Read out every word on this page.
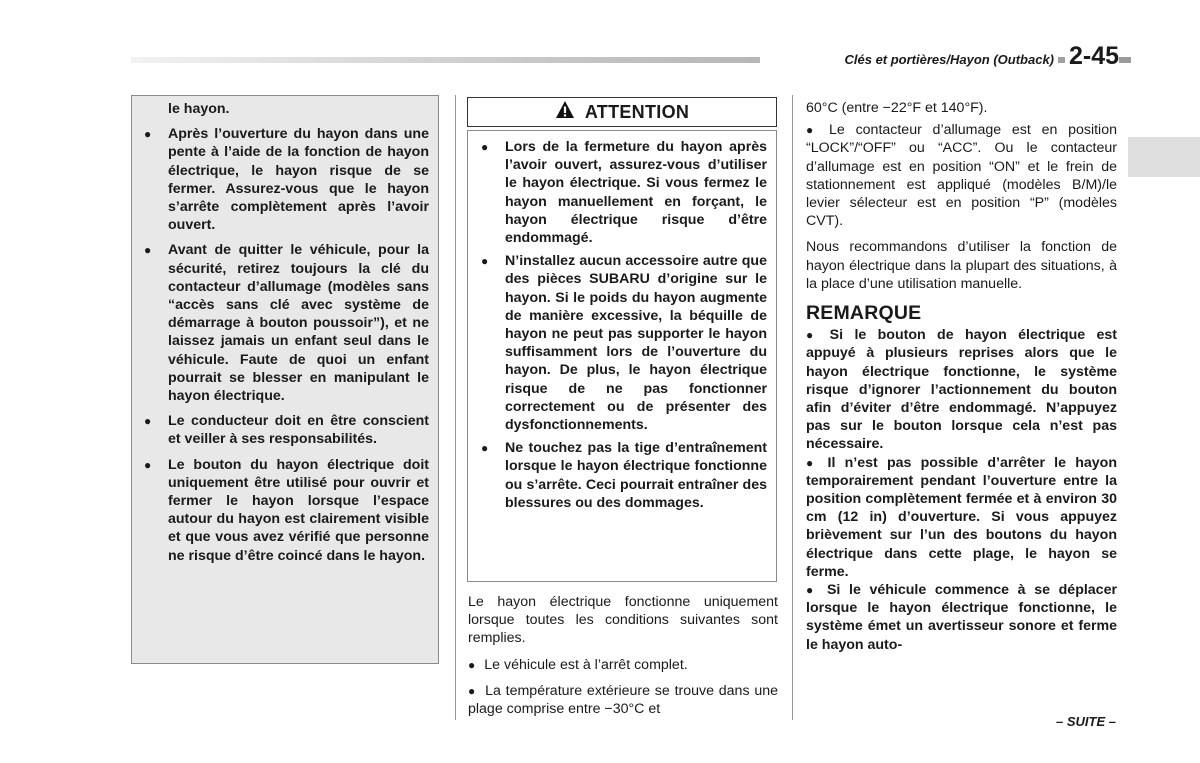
Clés et portières/Hayon (Outback) 2-45

le hayon.

● Après l’ouverture du hayon dans une pente à l’aide de la fonction de hayon électrique, le hayon risque de se fermer. Assurez-vous que le hayon s’arrête complètement après l’avoir ouvert.
● Avant de quitter le véhicule, pour la sécurité, retirez toujours la clé du contacteur d’allumage (modèles sans “accès sans clé avec système de démarrage à bouton poussoir”), et ne laissez jamais un enfant seul dans le véhicule. Faute de quoi un enfant pourrait se blesser en manipulant le hayon électrique.
● Le conducteur doit en être conscient et veiller à ses responsabilités.
● Le bouton du hayon électrique doit uniquement être utilisé pour ouvrir et fermer le hayon lorsque l’espace autour du hayon est clairement visible et que vous avez vérifié que personne ne risque d’être coincé dans le hayon.
ATTENTION
● Lors de la fermeture du hayon après l’avoir ouvert, assurez-vous d’utiliser le hayon électrique. Si vous fermez le hayon manuellement en forçant, le hayon électrique risque d’être endommagé.
● N’installez aucun accessoire autre que des pièces SUBARU d’origine sur le hayon. Si le poids du hayon augmente de manière excessive, la béquille de hayon ne peut pas supporter le hayon suffisamment lors de l’ouverture du hayon. De plus, le hayon électrique risque de ne pas fonctionner correctement ou de présenter des dysfonctionnements.
● Ne touchez pas la tige d’entraînement lorsque le hayon électrique fonctionne ou s’arrête. Ceci pourrait entraîner des blessures ou des dommages.

Le hayon électrique fonctionne uniquement lorsque toutes les conditions suivantes sont remplies.

● Le véhicule est à l’arrêt complet.

● La température extérieure se trouve dans une plage comprise entre −30°C et

60°C (entre −22°F et 140°F).

● Le contacteur d’allumage est en position “LOCK”/“OFF” ou “ACC”. Ou le contacteur d’allumage est en position “ON” et le frein de stationnement est appliqué (modèles B/M)/le levier sélecteur est en position “P” (modèles CVT).

Nous recommandons d’utiliser la fonction de hayon électrique dans la plupart des situations, à la place d’une utilisation manuelle.

REMARQUE

● Si le bouton de hayon électrique est appuyé à plusieurs reprises alors que le hayon électrique fonctionne, le système risque d’ignorer l’actionnement du bouton afin d’éviter d’être endommagé. N’appuyez pas sur le bouton lorsque cela n’est pas nécessaire.

● Il n’est pas possible d’arrêter le hayon temporairement pendant l’ouverture entre la position complètement fermée et à environ 30 cm (12 in) d’ouverture. Si vous appuyez brièvement sur l’un des boutons du hayon électrique dans cette plage, le hayon se ferme.

● Si le véhicule commence à se déplacer lorsque le hayon électrique fonctionne, le système émet un avertisseur sonore et ferme le hayon auto-

– SUITE –
